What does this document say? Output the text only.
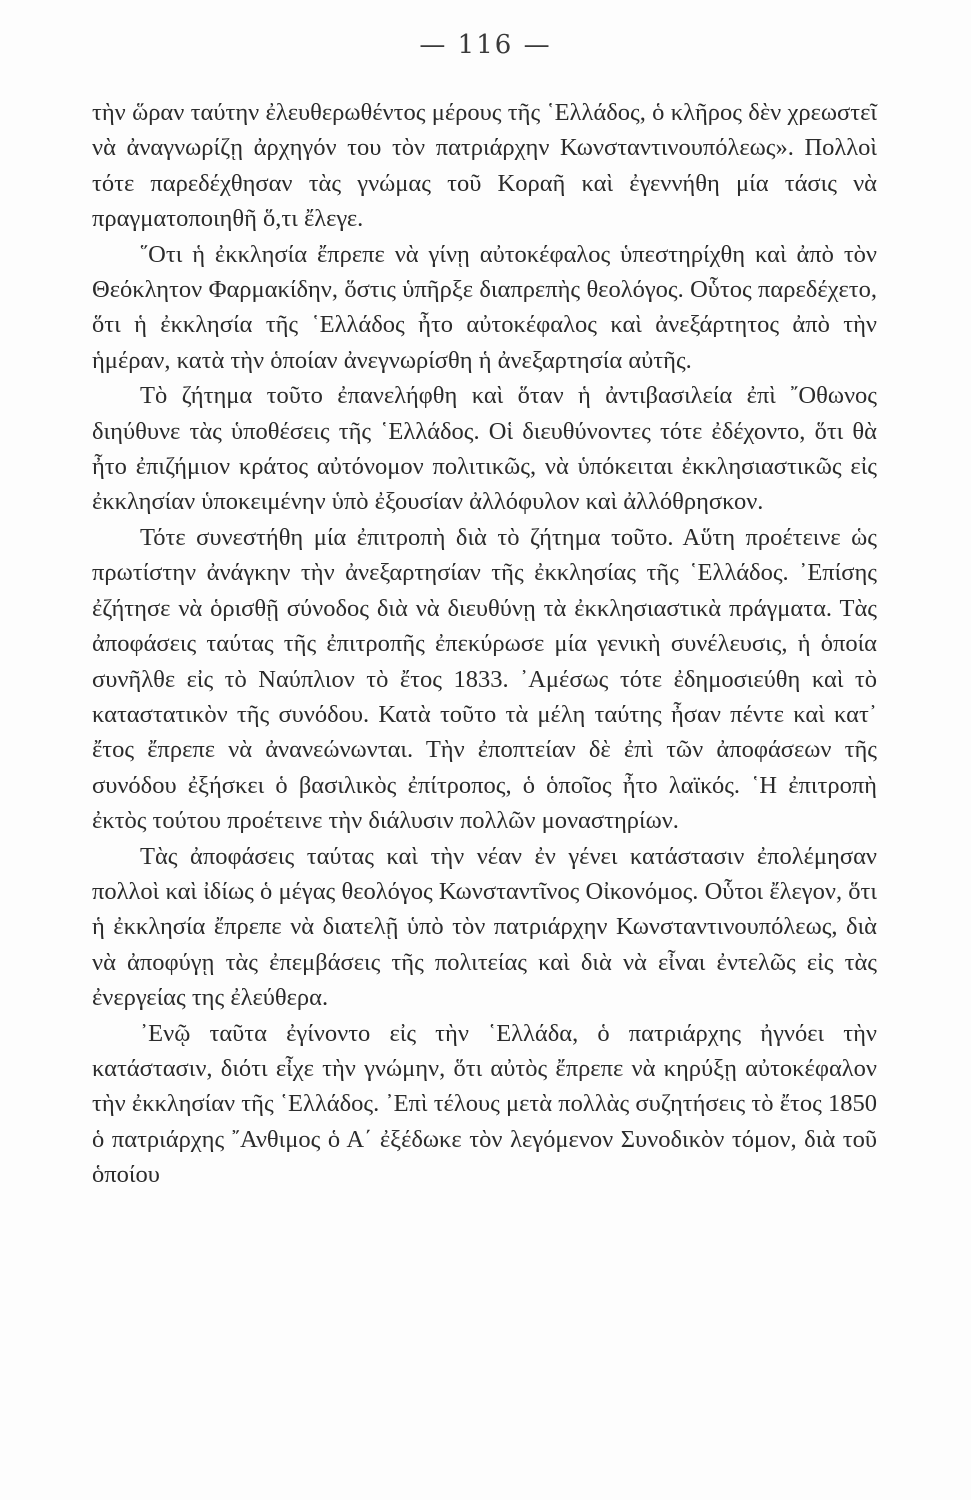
— 116 —

τὴν ὥραν ταύτην ἐλευθερωθέντος μέρους τῆς ῾Ελλάδος, ὁ κλῆρος δὲν χρεωστεῖ νὰ ἀναγνωρίζῃ ἀρχηγόν του τὸν πατριάρχην Κωνσταντινουπόλεως». Πολλοὶ τότε παρεδέχθησαν τὰς γνώμας τοῦ Κοραῆ καὶ ἐγεννήθη μία τάσις νὰ πραγματοποιηθῆ ὅ,τι ἔλεγε.

῞Οτι ἡ ἐκκλησία ἔπρεπε νὰ γίνῃ αὐτοκέφαλος ὑπεστηρίχθη καὶ ἀπὸ τὸν Θεόκλητον Φαρμακίδην, ὅστις ὑπῆρξε διαπρεπὴς θεολόγος. Οὗτος παρεδέχετο, ὅτι ἡ ἐκκλησία τῆς ῾Ελλάδος ἦτο αὐτοκέφαλος καὶ ἀνεξάρτητος ἀπὸ τὴν ἡμέραν, κατὰ τὴν ὁποίαν ἀνεγνωρίσθη ἡ ἀνεξαρτησία αὐτῆς.

Τὸ ζήτημα τοῦτο ἐπανελήφθη καὶ ὅταν ἡ ἀντιβασιλεία ἐπὶ ῎Οθωνος διηύθυνε τὰς ὑποθέσεις τῆς ῾Ελλάδος. Οἱ διευθύνοντες τότε ἐδέχοντο, ὅτι θὰ ἦτο ἐπιζήμιον κράτος αὐτόνομον πολιτικῶς, νὰ ὑπόκειται ἐκκλησιαστικῶς εἰς ἐκκλησίαν ὑποκειμένην ὑπὸ ἐξουσίαν ἀλλόφυλον καὶ ἀλλόθρησκον.

Τότε συνεστήθη μία ἐπιτροπὴ διὰ τὸ ζήτημα τοῦτο. Αὕτη προέτεινε ὡς πρωτίστην ἀνάγκην τὴν ἀνεξαρτησίαν τῆς ἐκκλησίας τῆς ῾Ελλάδος. ᾿Επίσης ἐζήτησε νὰ ὁρισθῇ σύνοδος διὰ νὰ διευθύνῃ τὰ ἐκκλησιαστικὰ πράγματα. Τὰς ἀποφάσεις ταύτας τῆς ἐπιτροπῆς ἐπεκύρωσε μία γενικὴ συνέλευσις, ἡ ὁποία συνῆλθε εἰς τὸ Ναύπλιον τὸ ἔτος 1833. ᾿Αμέσως τότε ἐδημοσιεύθη καὶ τὸ καταστατικὸν τῆς συνόδου. Κατὰ τοῦτο τὰ μέλη ταύτης ἦσαν πέντε καὶ κατ᾿ ἔτος ἔπρεπε νὰ ἀνανεώνωνται. Τὴν ἐποπτείαν δὲ ἐπὶ τῶν ἀποφάσεων τῆς συνόδου ἐξήσκει ὁ βασιλικὸς ἐπίτροπος, ὁ ὁποῖος ἦτο λαϊκός. ῾Η ἐπιτροπὴ ἐκτὸς τούτου προέτεινε τὴν διάλυσιν πολλῶν μοναστηρίων.

Τὰς ἀποφάσεις ταύτας καὶ τὴν νέαν ἐν γένει κατάστασιν ἐπολέμησαν πολλοὶ καὶ ἰδίως ὁ μέγας θεολόγος Κωνσταντῖνος Οἰκονόμος. Οὗτοι ἔλεγον, ὅτι ἡ ἐκκλησία ἔπρεπε νὰ διατελῇ ὑπὸ τὸν πατριάρχην Κωνσταντινουπόλεως, διὰ νὰ ἀποφύγῃ τὰς ἐπεμβάσεις τῆς πολιτείας καὶ διὰ νὰ εἶναι ἐντελῶς εἰς τὰς ἐνεργείας της ἐλεύθερα.

᾿Ενῷ ταῦτα ἐγίνοντο εἰς τὴν ῾Ελλάδα, ὁ πατριάρχης ἠγνόει τὴν κατάστασιν, διότι εἶχε τὴν γνώμην, ὅτι αὐτὸς ἔπρεπε νὰ κηρύξῃ αὐτοκέφαλον τὴν ἐκκλησίαν τῆς ῾Ελλάδος. ᾿Επὶ τέλους μετὰ πολλὰς συζητήσεις τὸ ἔτος 1850 ὁ πατριάρχης ῎Ανθιμος ὁ Α΄ ἐξέδωκε τὸν λεγόμενον Συνοδικὸν τόμον, διὰ τοῦ ὁποίου
